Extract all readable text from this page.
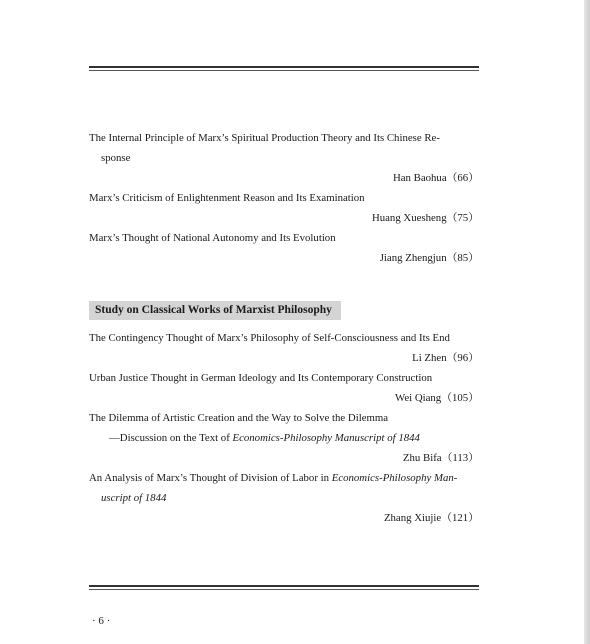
The Internal Principle of Marx’s Spiritual Production Theory and Its Chinese Re-
sponse
Han Baohua（66）
Marx’s Criticism of Enlightenment Reason and Its Examination
Huang Xuesheng（75）
Marx’s Thought of National Autonomy and Its Evolution
Jiang Zhengjun（85）
Study on Classical Works of Marxist Philosophy
The Contingency Thought of Marx’s Philosophy of Self-Consciousness and Its End
Li Zhen（96）
Urban Justice Thought in German Ideology and Its Contemporary Construction
Wei Qiang（105）
The Dilemma of Artistic Creation and the Way to Solve the Dilemma
—Discussion on the Text of Economics-Philosophy Manuscript of 1844
Zhu Bifa（113）
An Analysis of Marx’s Thought of Division of Labor in Economics-Philosophy Man-
uscript of 1844
Zhang Xiujie（121）
· 6 ·
